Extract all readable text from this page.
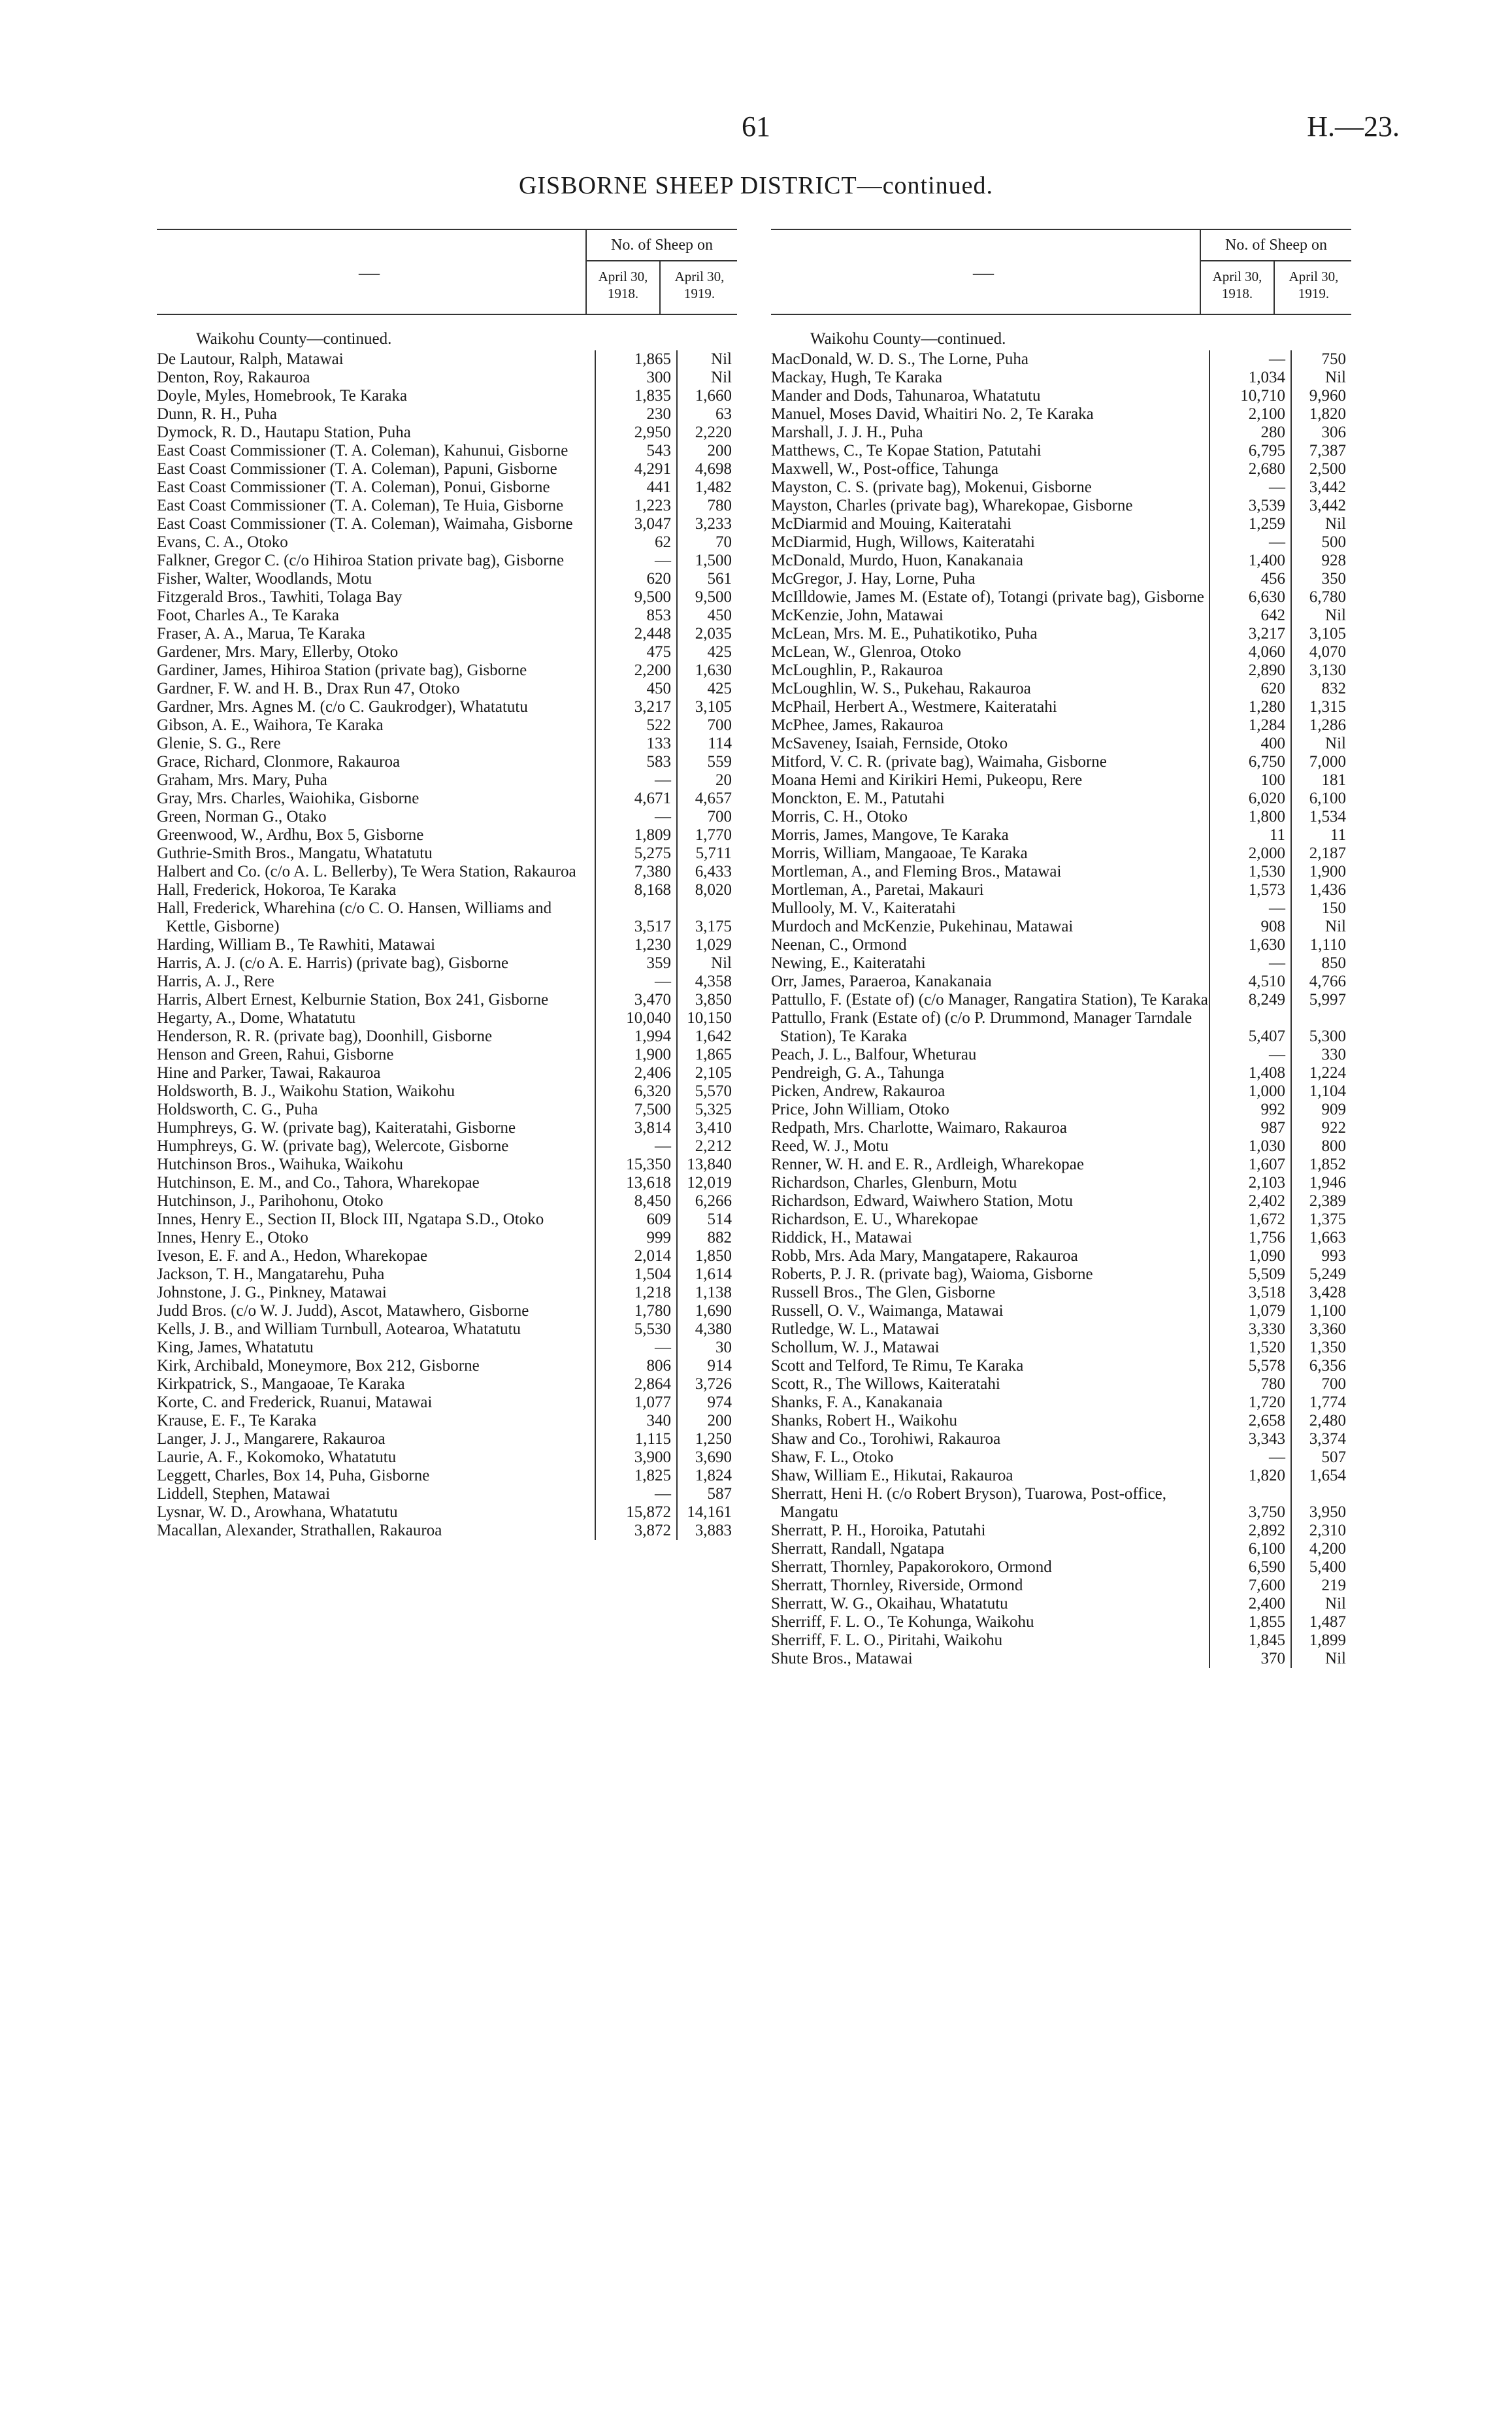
61	H.—23.
GISBORNE SHEEP DISTRICT—continued.
—
No. of Sheep on
April 30, 1918.
April 30, 1919.
Waikohu County—continued.
De Lautour, Ralph, Matawai	1,865	Nil
Denton, Roy, Rakauroa	300	Nil
Doyle, Myles, Homebrook, Te Karaka	1,835	1,660
Dunn, R. H., Puha	230	63
Dymock, R. D., Hautapu Station, Puha	2,950	2,220
East Coast Commissioner (T. A. Coleman), Kahunui, Gisborne	543	200
East Coast Commissioner (T. A. Coleman), Papuni, Gisborne	4,291	4,698
East Coast Commissioner (T. A. Coleman), Ponui, Gisborne	441	1,482
East Coast Commissioner (T. A. Coleman), Te Huia, Gisborne	1,223	780
East Coast Commissioner (T. A. Coleman), Waimaha, Gisborne	3,047	3,233
Evans, C. A., Otoko	62	70
Falkner, Gregor C. (c/o Hihiroa Station private bag), Gisborne	—	1,500
Fisher, Walter, Woodlands, Motu	620	561
Fitzgerald Bros., Tawhiti, Tolaga Bay	9,500	9,500
Foot, Charles A., Te Karaka	853	450
Fraser, A. A., Marua, Te Karaka	2,448	2,035
Gardener, Mrs. Mary, Ellerby, Otoko	475	425
Gardiner, James, Hihiroa Station (private bag), Gisborne	2,200	1,630
Gardner, F. W. and H. B., Drax Run 47, Otoko	450	425
Gardner, Mrs. Agnes M. (c/o C. Gaukrodger), Whatatutu	3,217	3,105
Gibson, A. E., Waihora, Te Karaka	522	700
Glenie, S. G., Rere	133	114
Grace, Richard, Clonmore, Rakauroa	583	559
Graham, Mrs. Mary, Puha	—	20
Gray, Mrs. Charles, Waiohika, Gisborne	4,671	4,657
Green, Norman G., Otako	—	700
Greenwood, W., Ardhu, Box 5, Gisborne	1,809	1,770
Guthrie-Smith Bros., Mangatu, Whatatutu	5,275	5,711
Halbert and Co. (c/o A. L. Bellerby), Te Wera Station, Rakauroa	7,380	6,433
Hall, Frederick, Hokoroa, Te Karaka	8,168	8,020
Hall, Frederick, Wharehina (c/o C. O. Hansen, Williams and Kettle, Gisborne)	3,517	3,175
Harding, William B., Te Rawhiti, Matawai	1,230	1,029
Harris, A. J. (c/o A. E. Harris) (private bag), Gisborne	359	Nil
Harris, A. J., Rere	—	4,358
Harris, Albert Ernest, Kelburnie Station, Box 241, Gisborne	3,470	3,850
Hegarty, A., Dome, Whatatutu	10,040	10,150
Henderson, R. R. (private bag), Doonhill, Gisborne	1,994	1,642
Henson and Green, Rahui, Gisborne	1,900	1,865
Hine and Parker, Tawai, Rakauroa	2,406	2,105
Holdsworth, B. J., Waikohu Station, Waikohu	6,320	5,570
Holdsworth, C. G., Puha	7,500	5,325
Humphreys, G. W. (private bag), Kaiteratahi, Gisborne	3,814	3,410
Humphreys, G. W. (private bag), Welercote, Gisborne	—	2,212
Hutchinson Bros., Waihuka, Waikohu	15,350	13,840
Hutchinson, E. M., and Co., Tahora, Wharekopae	13,618	12,019
Hutchinson, J., Parihohonu, Otoko	8,450	6,266
Innes, Henry E., Section II, Block III, Ngatapa S.D., Otoko	609	514
Innes, Henry E., Otoko	999	882
Iveson, E. F. and A., Hedon, Wharekopae	2,014	1,850
Jackson, T. H., Mangatarehu, Puha	1,504	1,614
Johnstone, J. G., Pinkney, Matawai	1,218	1,138
Judd Bros. (c/o W. J. Judd), Ascot, Matawhero, Gisborne	1,780	1,690
Kells, J. B., and William Turnbull, Aotearoa, Whatatutu	5,530	4,380
King, James, Whatatutu	—	30
Kirk, Archibald, Moneymore, Box 212, Gisborne	806	914
Kirkpatrick, S., Mangaoae, Te Karaka	2,864	3,726
Korte, C. and Frederick, Ruanui, Matawai	1,077	974
Krause, E. F., Te Karaka	340	200
Langer, J. J., Mangarere, Rakauroa	1,115	1,250
Laurie, A. F., Kokomoko, Whatatutu	3,900	3,690
Leggett, Charles, Box 14, Puha, Gisborne	1,825	1,824
Liddell, Stephen, Matawai	—	587
Lysnar, W. D., Arowhana, Whatatutu	15,872	14,161
Macallan, Alexander, Strathallen, Rakauroa	3,872	3,883
—
No. of Sheep on
April 30, 1918.
April 30, 1919.
Waikohu County—continued.
MacDonald, W. D. S., The Lorne, Puha	—	750
Mackay, Hugh, Te Karaka	1,034	Nil
Mander and Dods, Tahunaroa, Whatatutu	10,710	9,960
Manuel, Moses David, Whaitiri No. 2, Te Karaka	2,100	1,820
Marshall, J. J. H., Puha	280	306
Matthews, C., Te Kopae Station, Patutahi	6,795	7,387
Maxwell, W., Post-office, Tahunga	2,680	2,500
Mayston, C. S. (private bag), Mokenui, Gisborne	—	3,442
Mayston, Charles (private bag), Wharekopae, Gisborne	3,539	3,442
McDiarmid and Mouing, Kaiteratahi	1,259	Nil
McDiarmid, Hugh, Willows, Kaiteratahi	—	500
McDonald, Murdo, Huon, Kanakanaia	1,400	928
McGregor, J. Hay, Lorne, Puha	456	350
McIlldowie, James M. (Estate of), Totangi (private bag), Gisborne	6,630	6,780
McKenzie, John, Matawai	642	Nil
McLean, Mrs. M. E., Puhatikotiko, Puha	3,217	3,105
McLean, W., Glenroa, Otoko	4,060	4,070
McLoughlin, P., Rakauroa	2,890	3,130
McLoughlin, W. S., Pukehau, Rakauroa	620	832
McPhail, Herbert A., Westmere, Kaiteratahi	1,280	1,315
McPhee, James, Rakauroa	1,284	1,286
McSaveney, Isaiah, Fernside, Otoko	400	Nil
Mitford, V. C. R. (private bag), Waimaha, Gisborne	6,750	7,000
Moana Hemi and Kirikiri Hemi, Pukeopu, Rere	100	181
Monckton, E. M., Patutahi	6,020	6,100
Morris, C. H., Otoko	1,800	1,534
Morris, James, Mangove, Te Karaka	11	11
Morris, William, Mangaoae, Te Karaka	2,000	2,187
Mortleman, A., and Fleming Bros., Matawai	1,530	1,900
Mortleman, A., Paretai, Makauri	1,573	1,436
Mullooly, M. V., Kaiteratahi	—	150
Murdoch and McKenzie, Pukehinau, Matawai	908	Nil
Neenan, C., Ormond	1,630	1,110
Newing, E., Kaiteratahi	—	850
Orr, James, Paraeroa, Kanakanaia	4,510	4,766
Pattullo, F. (Estate of) (c/o Manager, Rangatira Station), Te Karaka	8,249	5,997
Pattullo, Frank (Estate of) (c/o P. Drummond, Manager Tarndale Station), Te Karaka	5,407	5,300
Peach, J. L., Balfour, Wheturau	—	330
Pendreigh, G. A., Tahunga	1,408	1,224
Picken, Andrew, Rakauroa	1,000	1,104
Price, John William, Otoko	992	909
Redpath, Mrs. Charlotte, Waimaro, Rakauroa	987	922
Reed, W. J., Motu	1,030	800
Renner, W. H. and E. R., Ardleigh, Wharekopae	1,607	1,852
Richardson, Charles, Glenburn, Motu	2,103	1,946
Richardson, Edward, Waiwhero Station, Motu	2,402	2,389
Richardson, E. U., Wharekopae	1,672	1,375
Riddick, H., Matawai	1,756	1,663
Robb, Mrs. Ada Mary, Mangatapere, Rakauroa	1,090	993
Roberts, P. J. R. (private bag), Waioma, Gisborne	5,509	5,249
Russell Bros., The Glen, Gisborne	3,518	3,428
Russell, O. V., Waimanga, Matawai	1,079	1,100
Rutledge, W. L., Matawai	3,330	3,360
Schollum, W. J., Matawai	1,520	1,350
Scott and Telford, Te Rimu, Te Karaka	5,578	6,356
Scott, R., The Willows, Kaiteratahi	780	700
Shanks, F. A., Kanakanaia	1,720	1,774
Shanks, Robert H., Waikohu	2,658	2,480
Shaw and Co., Torohiwi, Rakauroa	3,343	3,374
Shaw, F. L., Otoko	—	507
Shaw, William E., Hikutai, Rakauroa	1,820	1,654
Sherratt, Heni H. (c/o Robert Bryson), Tuarowa, Post-office, Mangatu	3,750	3,950
Sherratt, P. H., Horoika, Patutahi	2,892	2,310
Sherratt, Randall, Ngatapa	6,100	4,200
Sherratt, Thornley, Papakorokoro, Ormond	6,590	5,400
Sherratt, Thornley, Riverside, Ormond	7,600	219
Sherratt, W. G., Okaihau, Whatatutu	2,400	Nil
Sherriff, F. L. O., Te Kohunga, Waikohu	1,855	1,487
Sherriff, F. L. O., Piritahi, Waikohu	1,845	1,899
Shute Bros., Matawai	370	Nil
